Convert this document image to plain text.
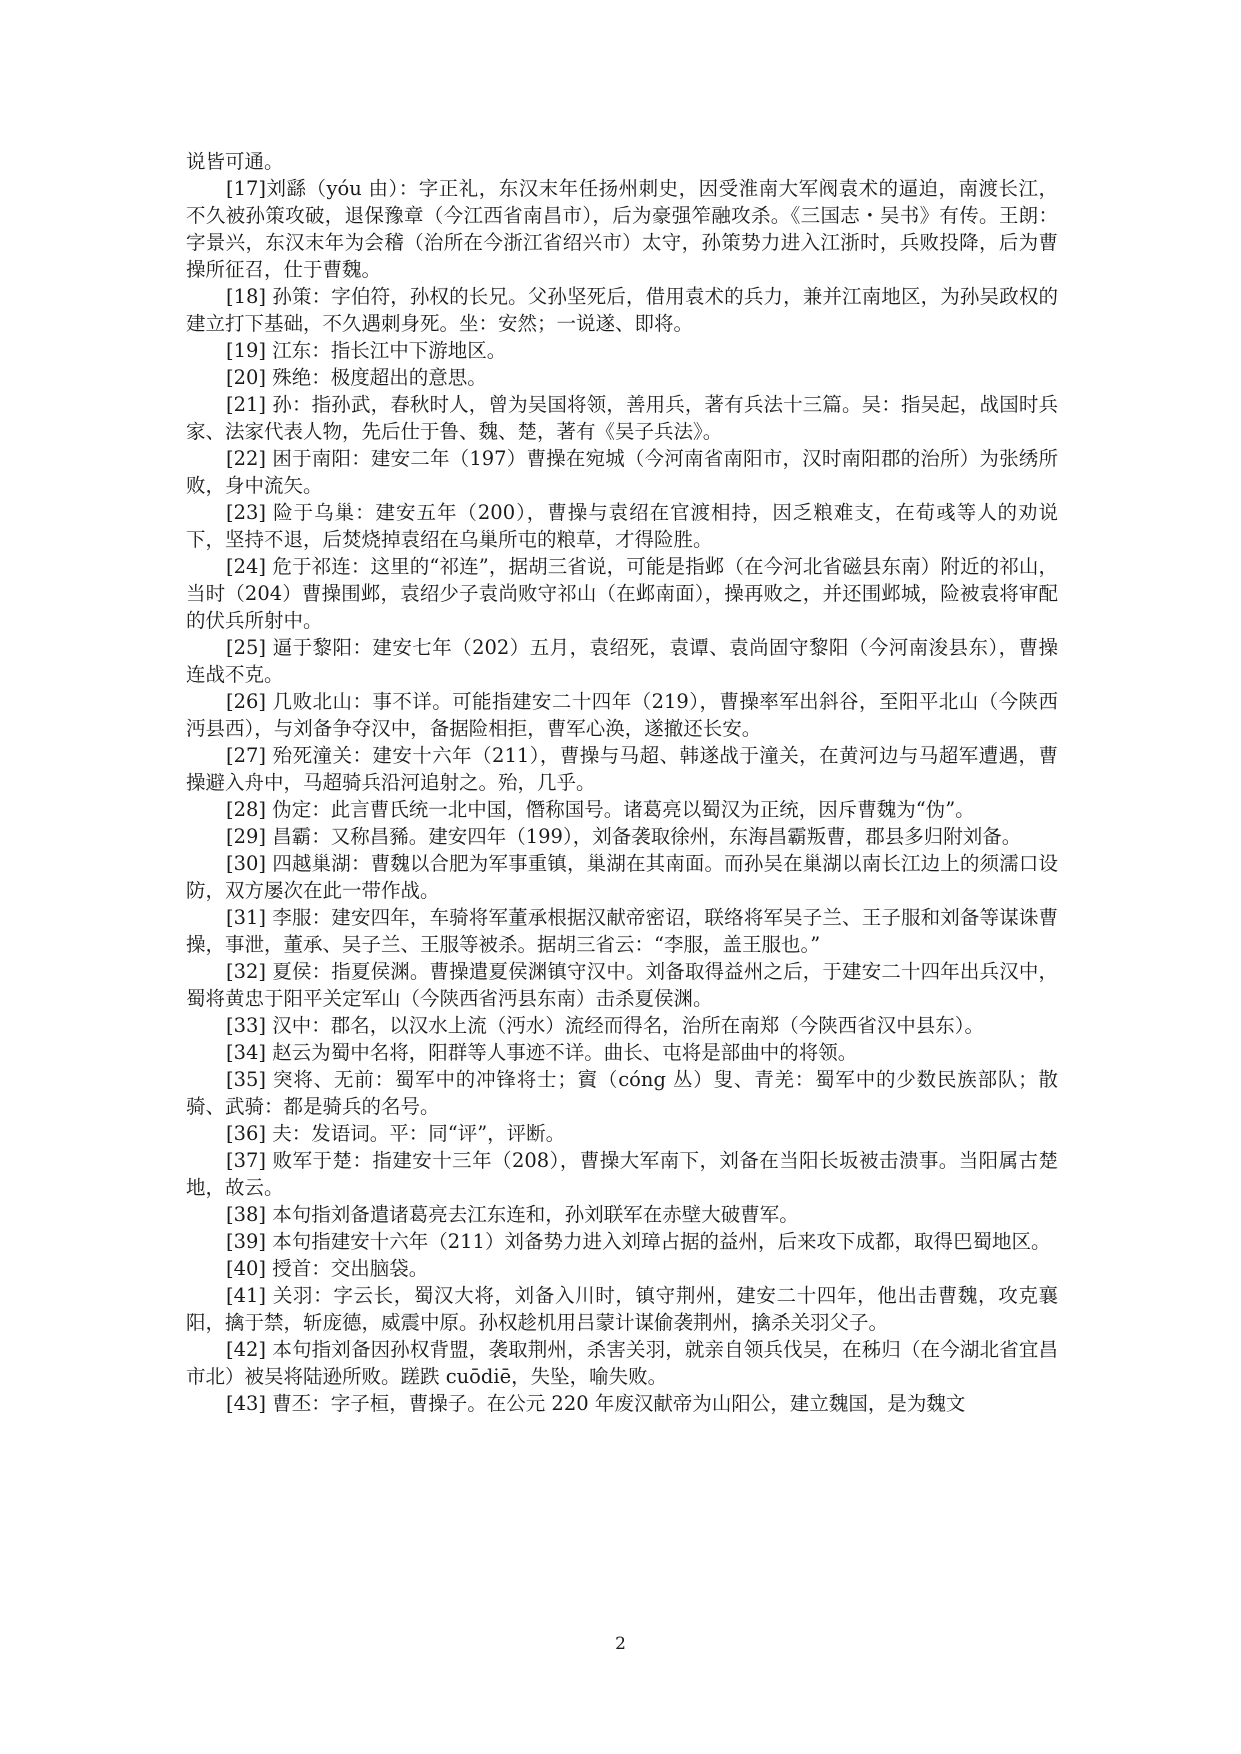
说皆可通。

[17]刘繇（yóu 由）：字正礼，东汉末年任扬州刺史，因受淮南大军阀袁术的逼迫，南渡长江，不久被孙策攻破，退保豫章（今江西省南昌市），后为豪强笮融攻杀。《三国志・吴书》有传。王朗：字景兴，东汉末年为会稽（治所在今浙江省绍兴市）太守，孙策势力进入江浙时，兵败投降，后为曹操所征召，仕于曹魏。

[18] 孙策：字伯符，孙权的长兄。父孙坚死后，借用袁术的兵力，兼并江南地区，为孙吴政权的建立打下基础，不久遇刺身死。坐：安然；一说遂、即将。

[19] 江东：指长江中下游地区。

[20] 殊绝：极度超出的意思。

[21] 孙：指孙武，春秋时人，曾为吴国将领，善用兵，著有兵法十三篇。吴：指吴起，战国时兵家、法家代表人物，先后仕于鲁、魏、楚，著有《吴子兵法》。

[22] 困于南阳：建安二年（197）曹操在宛城（今河南省南阳市，汉时南阳郡的治所）为张绣所败，身中流矢。

[23] 险于乌巢：建安五年（200），曹操与袁绍在官渡相持，因乏粮难支，在荀彧等人的劝说下，坚持不退，后焚烧掉袁绍在乌巢所屯的粮草，才得险胜。

[24] 危于祁连：这里的“祁连”，据胡三省说，可能是指邺（在今河北省磁县东南）附近的祁山，当时（204）曹操围邺，袁绍少子袁尚败守祁山（在邺南面），操再败之，并还围邺城，险被袁将审配的伏兵所射中。

[25] 逼于黎阳：建安七年（202）五月，袁绍死，袁谭、袁尚固守黎阳（今河南浚县东），曹操连战不克。

[26] 几败北山：事不详。可能指建安二十四年（219），曹操率军出斜谷，至阳平北山（今陕西沔县西），与刘备争夺汉中，备据险相拒，曹军心涣，遂撤还长安。

[27] 殆死潼关：建安十六年（211），曹操与马超、韩遂战于潼关，在黄河边与马超军遭遇，曹操避入舟中，马超骑兵沿河追射之。殆，几乎。

[28] 伪定：此言曹氏统一北中国，僭称国号。诸葛亮以蜀汉为正统，因斥曹魏为“伪”。

[29] 昌霸：又称昌豨。建安四年（199），刘备袭取徐州，东海昌霸叛曹，郡县多归附刘备。

[30] 四越巢湖：曹魏以合肥为军事重镇，巢湖在其南面。而孙吴在巢湖以南长江边上的须濡口设防，双方屡次在此一带作战。

[31] 李服：建安四年，车骑将军董承根据汉献帝密诏，联络将军吴子兰、王子服和刘备等谋诛曹操，事泄，董承、吴子兰、王服等被杀。据胡三省云：“李服，盖王服也。”

[32] 夏侯：指夏侯渊。曹操遣夏侯渊镇守汉中。刘备取得益州之后，于建安二十四年出兵汉中，蜀将黄忠于阳平关定军山（今陕西省沔县东南）击杀夏侯渊。

[33] 汉中：郡名，以汉水上流（沔水）流经而得名，治所在南郑（今陕西省汉中县东）。

[34] 赵云为蜀中名将，阳群等人事迹不详。曲长、屯将是部曲中的将领。

[35] 突将、无前：蜀军中的冲锋将士；賨（cóng 丛）叟、青羌：蜀军中的少数民族部队；散骑、武骑：都是骑兵的名号。

[36] 夫：发语词。平：同“评”，评断。

[37] 败军于楚：指建安十三年（208），曹操大军南下，刘备在当阳长坂被击溃事。当阳属古楚地，故云。

[38] 本句指刘备遣诸葛亮去江东连和，孙刘联军在赤壁大破曹军。

[39] 本句指建安十六年（211）刘备势力进入刘璋占据的益州，后来攻下成都，取得巴蜀地区。

[40] 授首：交出脑袋。

[41] 关羽：字云长，蜀汉大将，刘备入川时，镇守荆州，建安二十四年，他出击曹魏，攻克襄阳，擒于禁，斩庞德，威震中原。孙权趁机用吕蒙计谋偷袭荆州，擒杀关羽父子。

[42] 本句指刘备因孙权背盟，袭取荆州，杀害关羽，就亲自领兵伐吴，在秭归（在今湖北省宜昌市北）被吴将陆逊所败。蹉跌 cuōdiē，失坠，喻失败。

[43] 曹丕：字子桓，曹操子。在公元 220 年废汉献帝为山阳公，建立魏国，是为魏文

2
